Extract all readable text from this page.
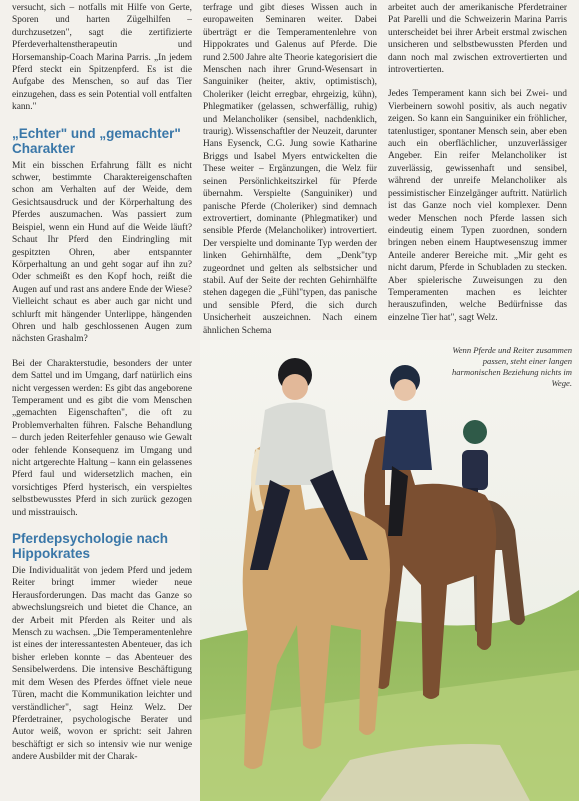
versucht, sich – notfalls mit Hilfe von Gerte, Sporen und harten Zügelhilfen – durchzusetzen", sagt die zertifizierte Pferdeverhaltenstherapeutin und Horsemanship-Coach Marina Parris. „In jedem Pferd steckt ein Spitzenpferd. Es ist die Aufgabe des Menschen, so auf das Tier einzugehen, dass es sein Potential voll entfalten kann."

„Echter" und „gemachter" Charakter

Mit ein bisschen Erfahrung fällt es nicht schwer, bestimmte Charaktereigenschaften schon am Verhalten auf der Weide, dem Gesichtsausdruck und der Körperhaltung des Pferdes auszumachen. Was passiert zum Beispiel, wenn ein Hund auf die Weide läuft? Schaut Ihr Pferd den Eindringling mit gespitzten Ohren, aber entspannter Körperhaltung an und geht sogar auf ihn zu? Oder schmeißt es den Kopf hoch, reißt die Augen auf und rast ans andere Ende der Wiese? Vielleicht schaut es aber auch gar nicht und schlurft mit hängender Unterlippe, hängenden Ohren und halb geschlossenen Augen zum nächsten Grashalm?

Bei der Charakterstudie, besonders der unter dem Sattel und im Umgang, darf natürlich eins nicht vergessen werden: Es gibt das angeborene Temperament und es gibt die vom Menschen „gemachten Eigenschaften", die oft zu Problemverhalten führen. Falsche Behandlung – durch jeden Reiterfehler genauso wie Gewalt oder fehlende Konsequenz im Umgang und nicht artgerechte Haltung – kann ein gelassenes Pferd faul und widersetzlich machen, ein vorsichtiges Pferd hysterisch, ein verspieltes selbstbewusstes Pferd in sich zurück gezogen und misstrauisch.

Pferdepsychologie nach Hippokrates

Die Individualität von jedem Pferd und jedem Reiter bringt immer wieder neue Herausforderungen. Das macht das Ganze so abwechslungsreich und bietet die Chance, an der Arbeit mit Pferden als Reiter und als Mensch zu wachsen. „Die Temperamentenlehre ist eines der interessantesten Abenteuer, das ich bisher erleben konnte – das Abenteuer des Sensibelwerdens. Die intensive Beschäftigung mit dem Wesen des Pferdes öffnet viele neue Türen, macht die Kommunikation leichter und verständlicher", sagt Heinz Welz. Der Pferdetrainer, psychologische Berater und Autor weiß, wovon er spricht: seit Jahren beschäftigt er sich so intensiv wie nur wenige andere Ausbilder mit der Charak-

terfrage und gibt dieses Wissen auch in europaweiten Seminaren weiter. Dabei überträgt er die Temperamentenlehre von Hippokrates und Galenus auf Pferde. Die rund 2.500 Jahre alte Theorie kategorisiert die Menschen nach ihrer Grund-Wesensart in Sanguiniker (heiter, aktiv, optimistisch), Choleriker (leicht erregbar, ehrgeizig, kühn), Phlegmatiker (gelassen, schwerfällig, ruhig) und Melancholiker (sensibel, nachdenklich, traurig). Wissenschaftler der Neuzeit, darunter Hans Eysenck, C.G. Jung sowie Katharine Briggs und Isabel Myers entwickelten die These weiter – Ergänzungen, die Welz für seinen Persönlichkeitszirkel für Pferde übernahm. Verspielte (Sanguiniker) und panische Pferde (Choleriker) sind demnach extrovertiert, dominante (Phlegmatiker) und sensible Pferde (Melancholiker) introvertiert. Der verspielte und dominante Typ werden der linken Gehirnhälfte, dem „Denk"typ zugeordnet und gelten als selbstsicher und stabil. Auf der Seite der rechten Gehirnhälfte stehen dagegen die „Fühl"typen, das panische und sensible Pferd, die sich durch Unsicherheit auszeichnen. Nach einem ähnlichen Schema

arbeitet auch der amerikanische Pferdetrainer Pat Parelli und die Schweizerin Marina Parris unterscheidet bei ihrer Arbeit erstmal zwischen unsicheren und selbstbewussten Pferden und dann noch mal zwischen extrovertierten und introvertierten.

Jedes Temperament kann sich bei Zwei- und Vierbeinern sowohl positiv, als auch negativ zeigen. So kann ein Sanguiniker ein fröhlicher, tatenlustiger, spontaner Mensch sein, aber eben auch ein oberflächlicher, unzuverlässiger Angeber. Ein reifer Melancholiker ist zuverlässig, gewissenhaft und sensibel, während der unreife Melancholiker als pessimistischer Einzelgänger auftritt. Natürlich ist das Ganze noch viel komplexer. Denn weder Menschen noch Pferde lassen sich eindeutig einem Typen zuordnen, sondern bringen neben einem Hauptwesenszug immer Anteile anderer Bereiche mit. „Mir geht es nicht darum, Pferde in Schubladen zu stecken. Aber spielerische Zuweisungen zu den Temperamenten machen es leichter herauszufinden, welche Bedürfnisse das einzelne Tier hat", sagt Welz.

Wenn Pferde und Reiter zusammen passen, steht einer langen harmonischen Beziehung nichts im Wege.
